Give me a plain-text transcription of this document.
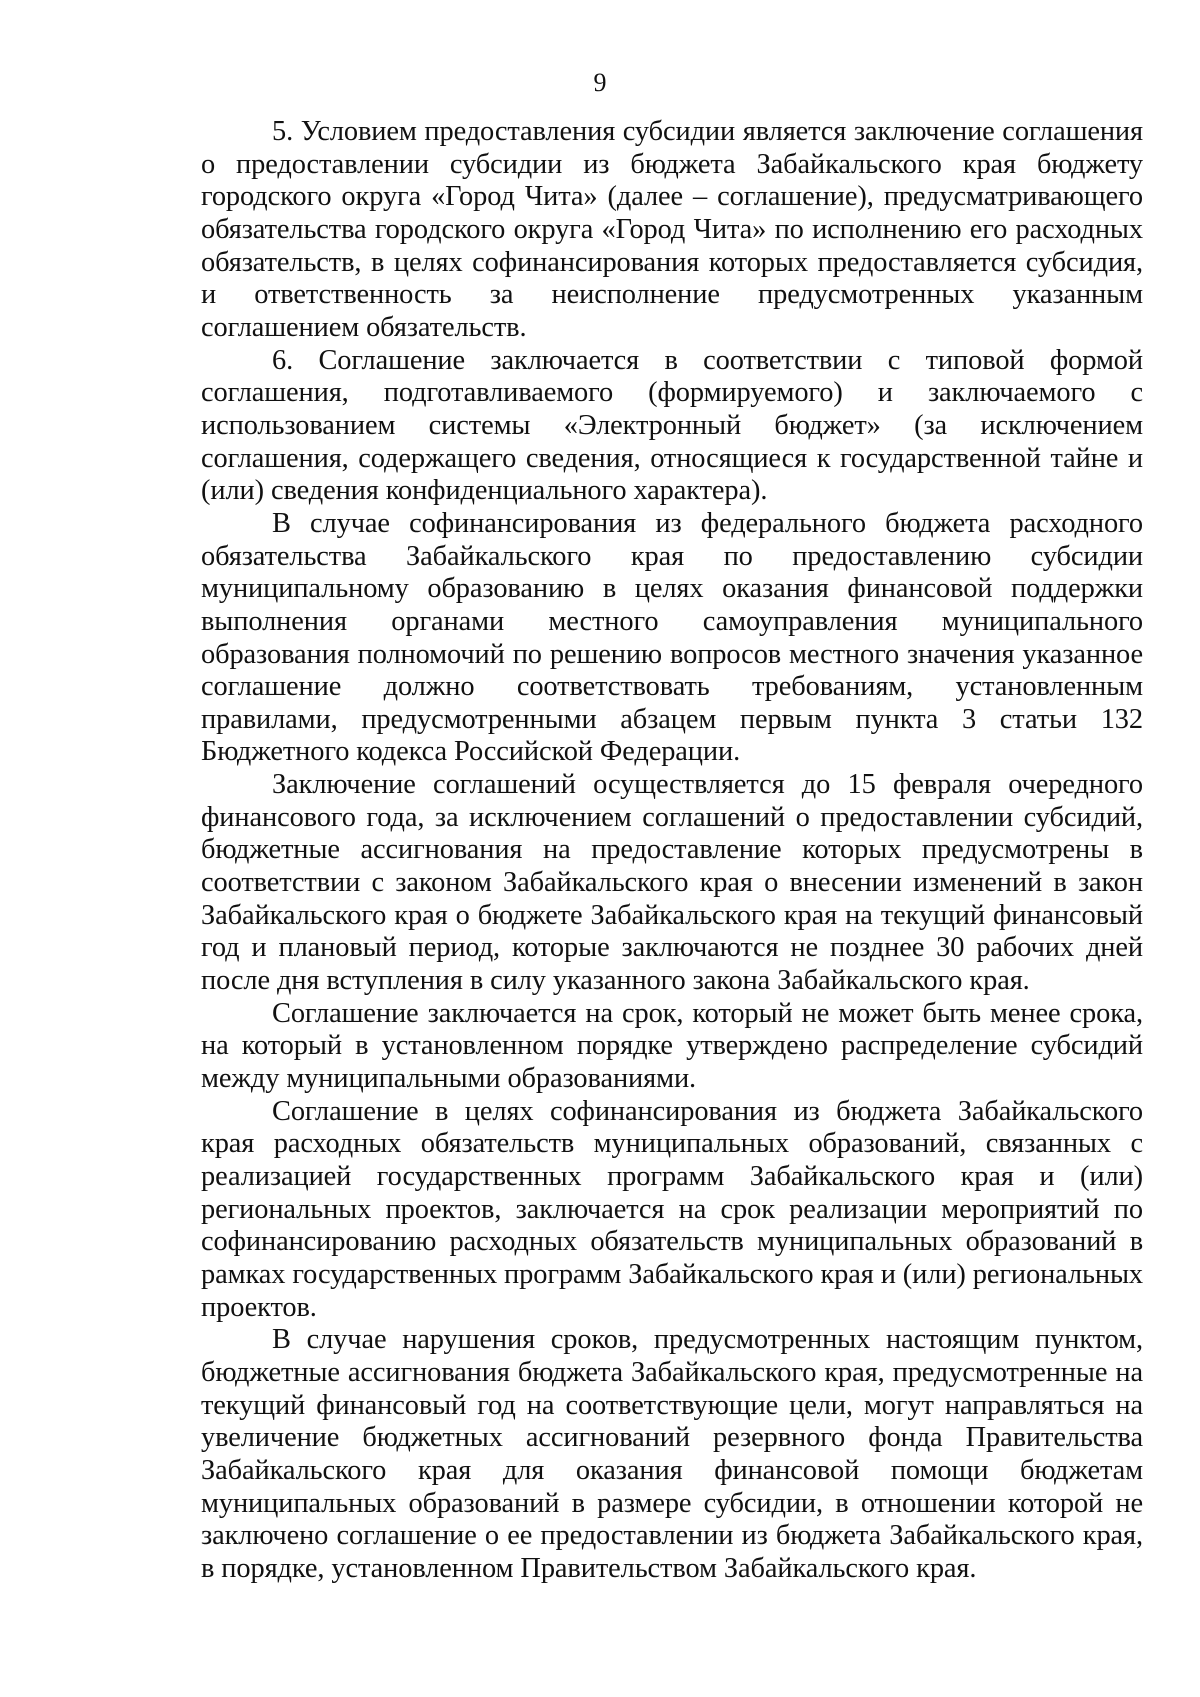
9

5. Условием предоставления субсидии является заключение соглашения о предоставлении субсидии из бюджета Забайкальского края бюджету городского округа «Город Чита» (далее – соглашение), предусматривающего обязательства городского округа «Город Чита» по исполнению его расходных обязательств, в целях софинансирования которых предоставляется субсидия, и ответственность за неисполнение предусмотренных указанным соглашением обязательств.

6. Соглашение заключается в соответствии с типовой формой соглашения, подготавливаемого (формируемого) и заключаемого с использованием системы «Электронный бюджет» (за исключением соглашения, содержащего сведения, относящиеся к государственной тайне и (или) сведения конфиденциального характера).

В случае софинансирования из федерального бюджета расходного обязательства Забайкальского края по предоставлению субсидии муниципальному образованию в целях оказания финансовой поддержки выполнения органами местного самоуправления муниципального образования полномочий по решению вопросов местного значения указанное соглашение должно соответствовать требованиям, установленным правилами, предусмотренными абзацем первым пункта 3 статьи 132 Бюджетного кодекса Российской Федерации.

Заключение соглашений осуществляется до 15 февраля очередного финансового года, за исключением соглашений о предоставлении субсидий, бюджетные ассигнования на предоставление которых предусмотрены в соответствии с законом Забайкальского края о внесении изменений в закон Забайкальского края о бюджете Забайкальского края на текущий финансовый год и плановый период, которые заключаются не позднее 30 рабочих дней после дня вступления в силу указанного закона Забайкальского края.

Соглашение заключается на срок, который не может быть менее срока, на который в установленном порядке утверждено распределение субсидий между муниципальными образованиями.

Соглашение в целях софинансирования из бюджета Забайкальского края расходных обязательств муниципальных образований, связанных с реализацией государственных программ Забайкальского края и (или) региональных проектов, заключается на срок реализации мероприятий по софинансированию расходных обязательств муниципальных образований в рамках государственных программ Забайкальского края и (или) региональных проектов.

В случае нарушения сроков, предусмотренных настоящим пунктом, бюджетные ассигнования бюджета Забайкальского края, предусмотренные на текущий финансовый год на соответствующие цели, могут направляться на увеличение бюджетных ассигнований резервного фонда Правительства Забайкальского края для оказания финансовой помощи бюджетам муниципальных образований в размере субсидии, в отношении которой не заключено соглашение о ее предоставлении из бюджета Забайкальского края, в порядке, установленном Правительством Забайкальского края.
